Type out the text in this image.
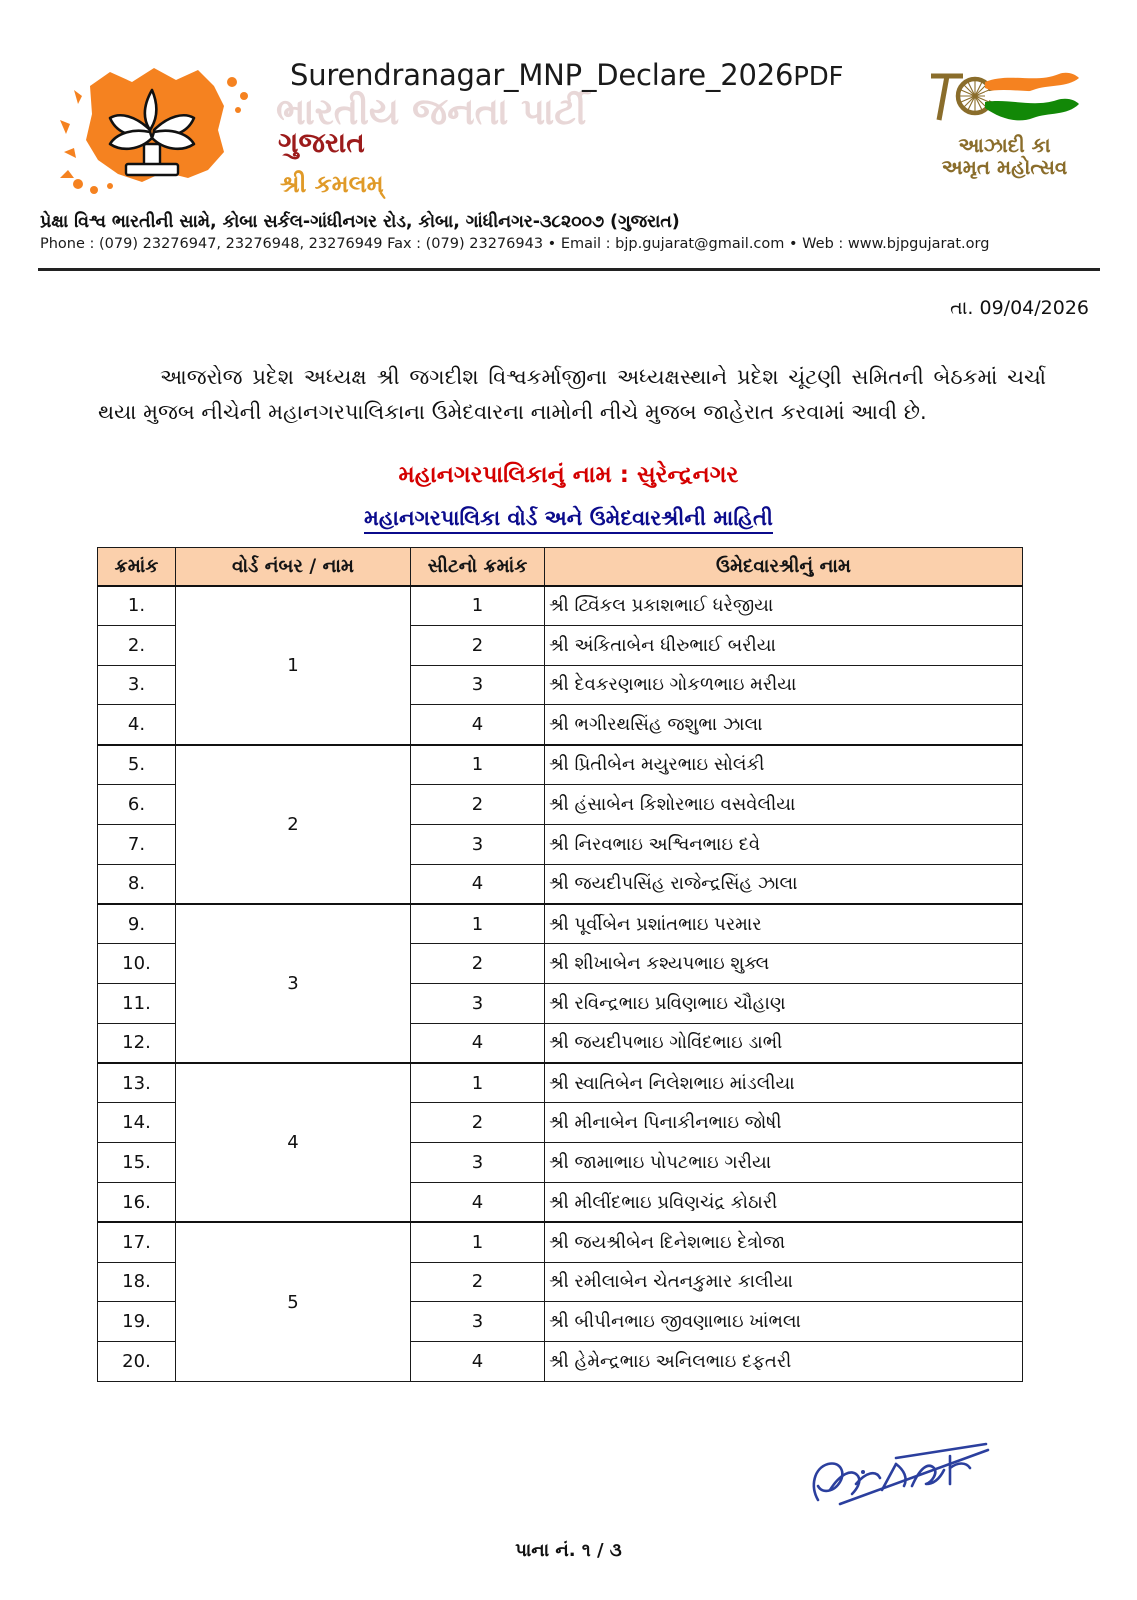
Surendranagar_MNP_Declare_2026PDF
ભારતીય જનતા પાર્ટી
ગુજરાત
શ્રી કમલમ્
આઝાદી કા
અમૃત મહોત્સવ
પ્રેક્ષા વિશ્વ ભારતીની સામે, કોબા સર્કલ-ગાંધીનગર રોડ, કોબા, ગાંધીનગર-૩૮૨૦૦૭ (ગુજરાત)
Phone : (079) 23276947, 23276948, 23276949 Fax : (079) 23276943 • Email : bjp.gujarat@gmail.com • Web : www.bjpgujarat.org
તા. 09/04/2026
આજરોજ પ્રદેશ અધ્યક્ષ શ્રી જગદીશ વિશ્વકર્માજીના અધ્યક્ષસ્થાને પ્રદેશ ચૂંટણી સમિતની બેઠકમાં ચર્ચા થયા મુજબ નીચેની મહાનગરપાલિકાના ઉમેદવારના નામોની નીચે મુજબ જાહેરાત કરવામાં આવી છે.
મહાનગરપાલિકાનું નામ : સુરેન્દ્રનગર
મહાનગરપાલિકા વોર્ડ અને ઉમેદવારશ્રીની માહિતી
ક્રમાંક	વોર્ડ નંબર / નામ	સીટનો ક્રમાંક	ઉમેદવારશ્રીનું નામ
1.	1	1	શ્રી ટ્વિંકલ પ્રકાશભાઈ ધરેજીયા
2.		2	શ્રી અંકિતાબેન ધીરુભાઈ બરીયા
3.		3	શ્રી દેવકરણભાઇ ગોકળભાઇ મરીયા
4.		4	શ્રી ભગીરથસિંહ જશુભા ઝાલા
5.	2	1	શ્રી પ્રિતીબેન મયુરભાઇ સોલંકી
6.		2	શ્રી હંસાબેન કિશોરભાઇ વસવેલીયા
7.		3	શ્રી નિરવભાઇ અશ્વિનભાઇ દવે
8.		4	શ્રી જયદીપસિંહ રાજેન્દ્રસિંહ ઝાલા
9.	3	1	શ્રી પૂર્વીબેન પ્રશાંતભાઇ પરમાર
10.		2	શ્રી શીખાબેન કશ્યપભાઇ શુક્લ
11.		3	શ્રી રવિન્દ્રભાઇ પ્રવિણભાઇ ચૌહાણ
12.		4	શ્રી જયદીપભાઇ ગોવિંદભાઇ ડાભી
13.	4	1	શ્રી સ્વાતિબેન નિલેશભાઇ માંડલીયા
14.		2	શ્રી મીનાબેન પિનાકીનભાઇ જોષી
15.		3	શ્રી જામાભાઇ પોપટભાઇ ગરીયા
16.		4	શ્રી મીલીંદભાઇ પ્રવિણચંદ્ર કોઠારી
17.	5	1	શ્રી જયશ્રીબેન દિનેશભાઇ દેત્રોજા
18.		2	શ્રી રમીલાબેન ચેતનકુમાર કાલીયા
19.		3	શ્રી બીપીનભાઇ જીવણાભાઇ ખાંભલા
20.		4	શ્રી હેમેન્દ્રભાઇ અનિલભાઇ દફતરી
પાના નં. ૧ / ૩
